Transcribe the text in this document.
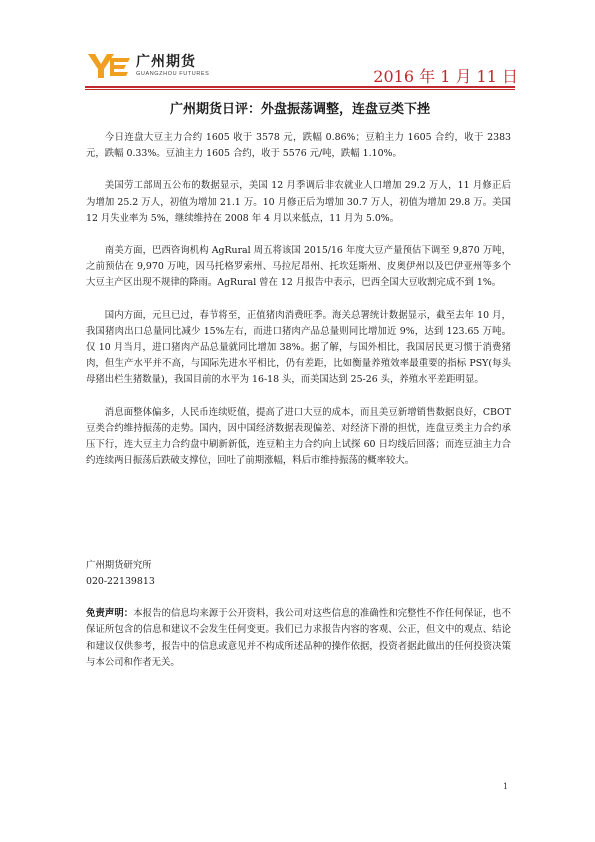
广州期货
GUANGZHOU FUTURES	2016 年 1 月 11 日
广州期货日评：外盘振荡调整，连盘豆类下挫

今日连盘大豆主力合约 1605 收于 3578 元，跌幅 0.86%；豆粕主力 1605 合约，收于 2383 元，跌幅 0.33%。豆油主力 1605 合约，收于 5576 元/吨，跌幅 1.10%。

美国劳工部周五公布的数据显示，美国 12 月季调后非农就业人口增加 29.2 万人，11 月修正后为增加 25.2 万人，初值为增加 21.1 万。10 月修正后为增加 30.7 万人，初值为增加 29.8 万。美国 12 月失业率为 5%，继续维持在 2008 年 4 月以来低点，11 月为 5.0%。

南美方面，巴西咨询机构 AgRural 周五将该国 2015/16 年度大豆产量预估下调至 9,870 万吨，之前预估在 9,970 万吨，因马托格罗索州、马拉尼昂州、托坎廷斯州、皮奥伊州以及巴伊亚州等多个大豆主产区出现不规律的降雨。AgRural 曾在 12 月报告中表示，巴西全国大豆收割完成不到 1%。

国内方面，元旦已过，春节将至，正值猪肉消费旺季。海关总署统计数据显示，截至去年 10 月，我国猪肉出口总量同比减少 15%左右，而进口猪肉产品总量则同比增加近 9%，达到 123.65 万吨。仅 10 月当月，进口猪肉产品总量就同比增加 38%。据了解，与国外相比，我国居民更习惯于消费猪肉，但生产水平并不高，与国际先进水平相比，仍有差距，比如衡量养殖效率最重要的指标 PSY(每头母猪出栏生猪数量)，我国目前的水平为 16-18 头，而美国达到 25-26 头，养殖水平差距明显。

消息面整体偏多，人民币连续贬值，提高了进口大豆的成本，而且美豆新增销售数据良好，CBOT 豆类合约维持振荡的走势。国内，因中国经济数据表现偏差、对经济下滑的担忧，连盘豆类主力合约承压下行，连大豆主力合约盘中刷新新低，连豆粕主力合约向上试探 60 日均线后回落；而连豆油主力合约连续两日振荡后跌破支撑位，回吐了前期涨幅，料后市维持振荡的概率较大。

广州期货研究所
020-22139813
免责声明：本报告的信息均来源于公开资料，我公司对这些信息的准确性和完整性不作任何保证，也不保证所包含的信息和建议不会发生任何变更。我们已力求报告内容的客观、公正，但文中的观点、结论和建议仅供参考，报告中的信息或意见并不构成所述品种的操作依据，投资者据此做出的任何投资决策与本公司和作者无关。
1
